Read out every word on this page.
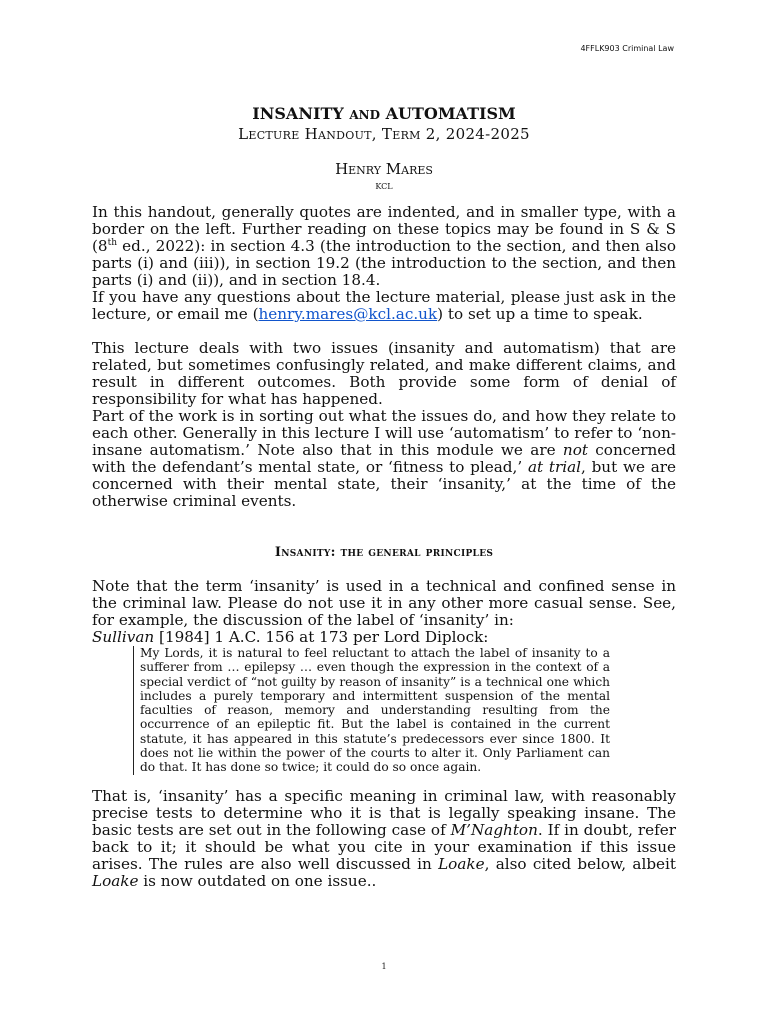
4FFLK903 Criminal Law
INSANITY AND AUTOMATISM
Lecture Handout, Term 2, 2024-2025
Henry Mares
kcl

In this handout, generally quotes are indented, and in smaller type, with a border on the left. Further reading on these topics may be found in S & S (8th ed., 2022): in section 4.3 (the introduction to the section, and then also parts (i) and (iii)), in section 19.2 (the introduction to the section, and then parts (i) and (ii)), and in section 18.4.

If you have any questions about the lecture material, please just ask in the lecture, or email me (henry.mares@kcl.ac.uk) to set up a time to speak.

This lecture deals with two issues (insanity and automatism) that are related, but sometimes confusingly related, and make different claims, and result in different outcomes. Both provide some form of denial of responsibility for what has happened.

Part of the work is in sorting out what the issues do, and how they relate to each other. Generally in this lecture I will use ‘automatism’ to refer to ‘non-insane automatism.’ Note also that in this module we are not concerned with the defendant’s mental state, or ‘fitness to plead,’ at trial, but we are concerned with their mental state, their ‘insanity,’ at the time of the otherwise criminal events.

Insanity: the general principles

Note that the term ‘insanity’ is used in a technical and confined sense in the criminal law. Please do not use it in any other more casual sense. See, for example, the discussion of the label of ‘insanity’ in:

Sullivan [1984] 1 A.C. 156 at 173 per Lord Diplock:

My Lords, it is natural to feel reluctant to attach the label of insanity to a sufferer from … epilepsy … even though the expression in the context of a special verdict of “not guilty by reason of insanity” is a technical one which includes a purely temporary and intermittent suspension of the mental faculties of reason, memory and understanding resulting from the occurrence of an epileptic fit. But the label is contained in the current statute, it has appeared in this statute’s predecessors ever since 1800. It does not lie within the power of the courts to alter it. Only Parliament can do that. It has done so twice; it could do so once again.

That is, ‘insanity’ has a specific meaning in criminal law, with reasonably precise tests to determine who it is that is legally speaking insane. The basic tests are set out in the following case of M’Naghton. If in doubt, refer back to it; it should be what you cite in your examination if this issue arises. The rules are also well discussed in Loake, also cited below, albeit Loake is now outdated on one issue..

1
